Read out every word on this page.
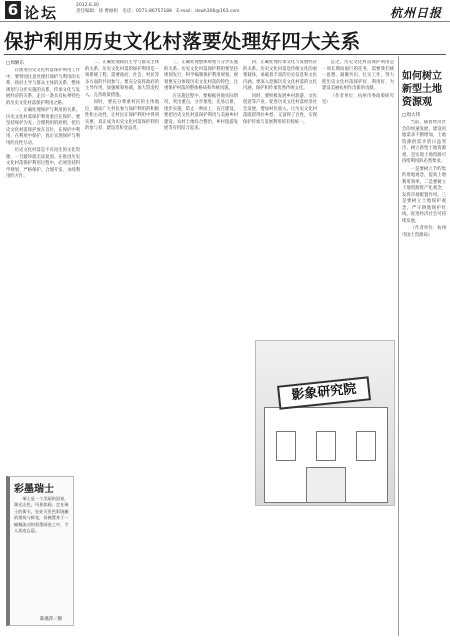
6 论坛	2012.6.30
责任编辑：徐 曹丽娟　电话：0571-86757188　E-mail：dswh306@163.com	杭州日报
保护利用历史文化村落要处理好四大关系
□周姬东

在推进历史文化村落保护利用工作中，要特别注意处理好保护与利用的关系、政府主导与群众主体的关系、整体规划与分步实施的关系、传承文化与发展经济的关系，走出一条具有杭州特色的历史文化村落保护利用之路。

一、正确处理保护与利用的关系。历史文化村落保护利用重点在保护。要坚持保护为先、合理利用的原则，把历史文化村落保护放在首位，在保护中利用，在利用中保护，真正实现保护与利用的良性互动。

历史文化村落是不可再生的文化资源，一旦破坏就无法复原。在推进历史文化村落保护利用过程中，必须坚持科学规划、严格保护、合理开发、永续利用的方针。

二、正确处理政府主导与群众主体的关系。历史文化村落的保护利用是一项系统工程，需要政府、社会、村民等多方面的共同参与。要充分发挥政府的主导作用，加强统筹协调，加大资金投入，完善政策措施。

同时，要充分尊重村民的主体地位，调动广大村民参与保护利用的积极性和主动性，让村民在保护利用中得到实惠，真正成为历史文化村落保护利用的参与者、建设者和受益者。

三、正确处理整体规划与分步实施的关系。历史文化村落保护利用要坚持规划先行，科学编制保护利用规划。规划要充分体现历史文化村落的特色，注重保护村落的整体格局和传统风貌。

在实施过程中，要根据各地实际情况，突出重点，分步推进，先易后难，逐步实施，防止一哄而上、盲目建设。要把历史文化村落保护利用与美丽乡村建设、农村土地综合整治、乡村旅游发展等有机结合起来。

四、正确处理传承文化与发展经济的关系。历史文化村落是传统文化的重要载体，承载着丰富的历史信息和文化内涵。要深入挖掘历史文化村落的文化内涵，保护和传承优秀传统文化。

同时，要积极发展乡村旅游、文化创意等产业，促进历史文化村落经济社会发展，增加村民收入，让历史文化村落既留得住乡愁，又富得了百姓，实现保护传承与发展利用的有机统一。

总之，历史文化村落保护利用是一项长期而艰巨的任务，需要我们统一思想、凝聚共识、扎实工作，努力把历史文化村落保护好、利用好，为建设美丽杭州作出新的贡献。

（作者单位：杭州市委政策研究室）

影象研究院
如何树立新型土地资源观
□周大伟

当前，随着经济社会的快速发展，建设用地需求不断增加，土地资源供需矛盾日益突出。树立新型土地资源观，是实现土地资源可持续利用的必然要求。

一是要树立节约集约用地观念，提高土地利用效率。二是要树立土地资源资产化观念，发挥市场配置作用。三是要树立土地保护观念，严守耕地保护红线，促进经济社会可持续发展。

（作者单位：杭州市国土资源局）

彩墨瑞士

瑞士是一个美丽的国家，湖光山色，风景如画。走在瑞士的街头，处处可见色彩斑斓的建筑与鲜花，仿佛置身于一幅幅流动的彩墨画卷之中，令人流连忘返。

陈燕萍／摄
